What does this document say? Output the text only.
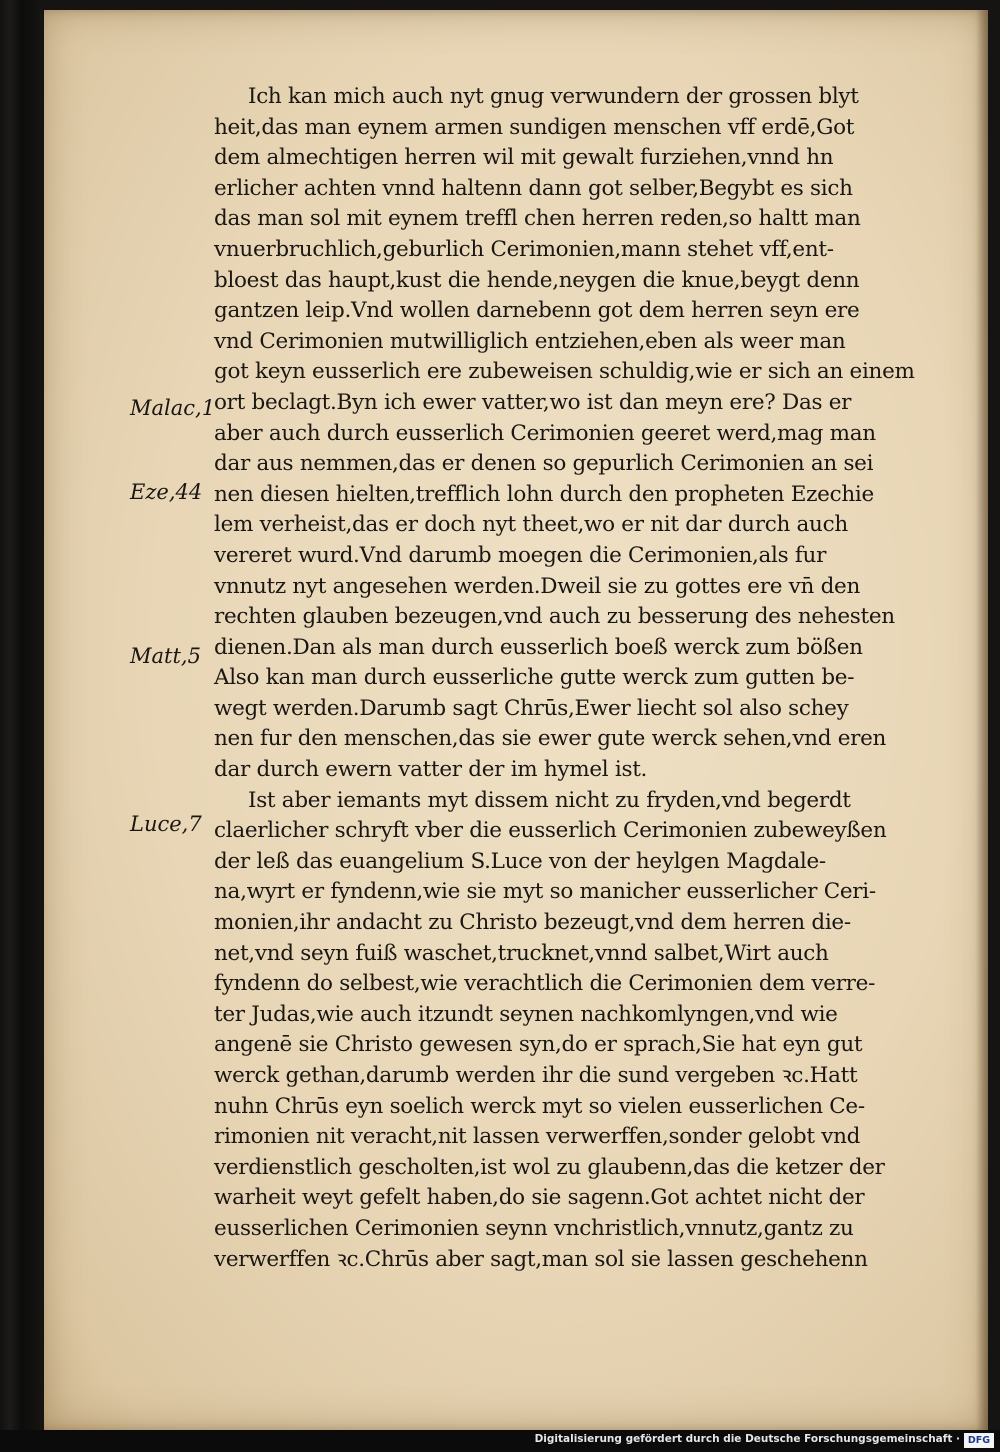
Ich kan mich auch nyt gnug verwundern der grossen blyt
heit,das man eynem armen sundigen menschen vff erdē,Got
dem almechtigen herren wil mit gewalt furziehen,vnnd hn
erlicher achten vnnd haltenn dann got selber,Begybt es sich
das man sol mit eynem treffl chen herren reden,so haltt man
vnuerbruchlich,geburlich Cerimonien,mann stehet vff,ent-
bloest das haupt,kust die hende,neygen die knue,beygt denn
gantzen leip.Vnd wollen darnebenn got dem herren seyn ere
vnd Cerimonien mutwilliglich entziehen,eben als weer man
got keyn eusserlich ere zubeweisen schuldig,wie er sich an einem
ort beclagt.Byn ich ewer vatter,wo ist dan meyn ere? Das er
aber auch durch eusserlich Cerimonien geeret werd,mag man
dar aus nemmen,das er denen so gepurlich Cerimonien an sei
nen diesen hielten,trefflich lohn durch den propheten Ezechie
lem verheist,das er doch nyt theet,wo er nit dar durch auch
vereret wurd.Vnd darumb moegen die Cerimonien,als fur
vnnutz nyt angesehen werden.Dweil sie zu gottes ere vn̄ den
rechten glauben bezeugen,vnd auch zu besserung des nehesten
dienen.Dan als man durch eusserlich boeß werck zum bößen
Also kan man durch eusserliche gutte werck zum gutten be-
wegt werden.Darumb sagt Chrūs,Ewer liecht sol also schey
nen fur den menschen,das sie ewer gute werck sehen,vnd eren
dar durch ewern vatter der im hymel ist.
Ist aber iemants myt dissem nicht zu fryden,vnd begerdt
claerlicher schryft vber die eusserlich Cerimonien zubeweyßen
der leß das euangelium S.Luce von der heylgen Magdale-
na,wyrt er fyndenn,wie sie myt so manicher eusserlicher Ceri-
monien,ihr andacht zu Christo bezeugt,vnd dem herren die-
net,vnd seyn fuiß waschet,trucknet,vnnd salbet,Wirt auch
fyndenn do selbest,wie verachtlich die Cerimonien dem verre-
ter Judas,wie auch itzundt seynen nachkomlyngen,vnd wie
angenē sie Christo gewesen syn,do er sprach,Sie hat eyn gut
werck gethan,darumb werden ihr die sund vergeben ꝛc.Hatt
nuhn Chrūs eyn soelich werck myt so vielen eusserlichen Ce-
rimonien nit veracht,nit lassen verwerffen,sonder gelobt vnd
verdienstlich gescholten,ist wol zu glaubenn,das die ketzer der
warheit weyt gefelt haben,do sie sagenn.Got achtet nicht der
eusserlichen Cerimonien seynn vnchristlich,vnnutz,gantz zu
verwerffen ꝛc.Chrūs aber sagt,man sol sie lassen geschehenn
Malac,1
Eze,44
Matt,5
Luce,7
Digitalisierung gefördert durch die Deutsche Forschungsgemeinschaft · DFG
